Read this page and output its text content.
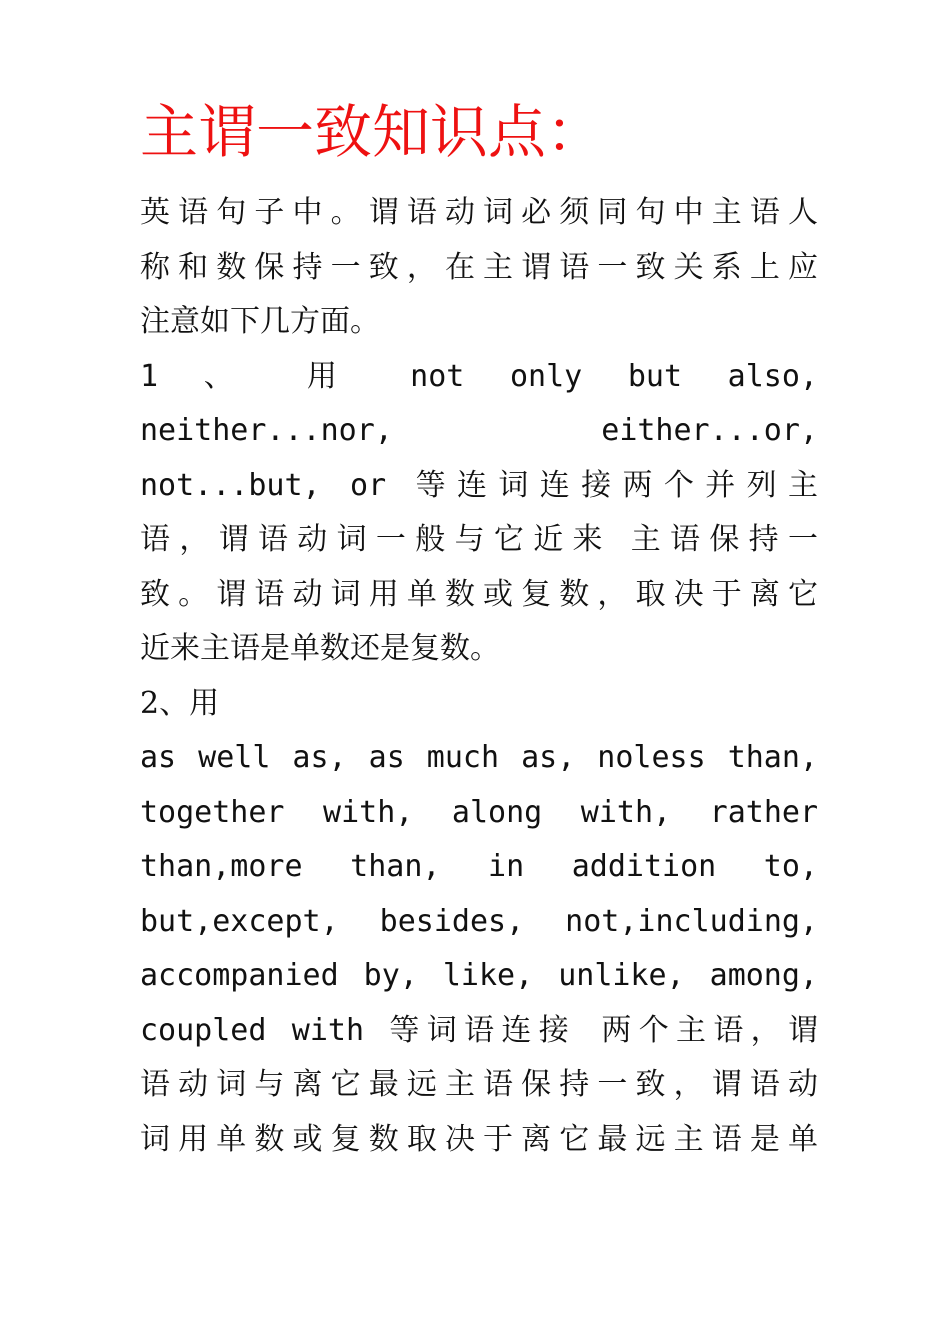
主谓一致知识点：

英语句子中。谓语动词必须同句中主语人

称和数保持一致，在主谓语一致关系上应

注意如下几方面。

1 、 用 not only but also,

neither...nor, either...or,

not...but, or 等连词连接两个并列主

语，谓语动词一般与它近来 主语保持一

致。谓语动词用单数或复数，取决于离它

近来主语是单数还是复数。

2、用

as well as, as much as, noless than,

together with, along with, rather

than,more than, in addition to,

but,except, besides, not,including,

accompanied by, like, unlike, among,

coupled with 等词语连接 两个主语，谓

语动词与离它最远主语保持一致，谓语动

词用单数或复数取决于离它最远主语是单
